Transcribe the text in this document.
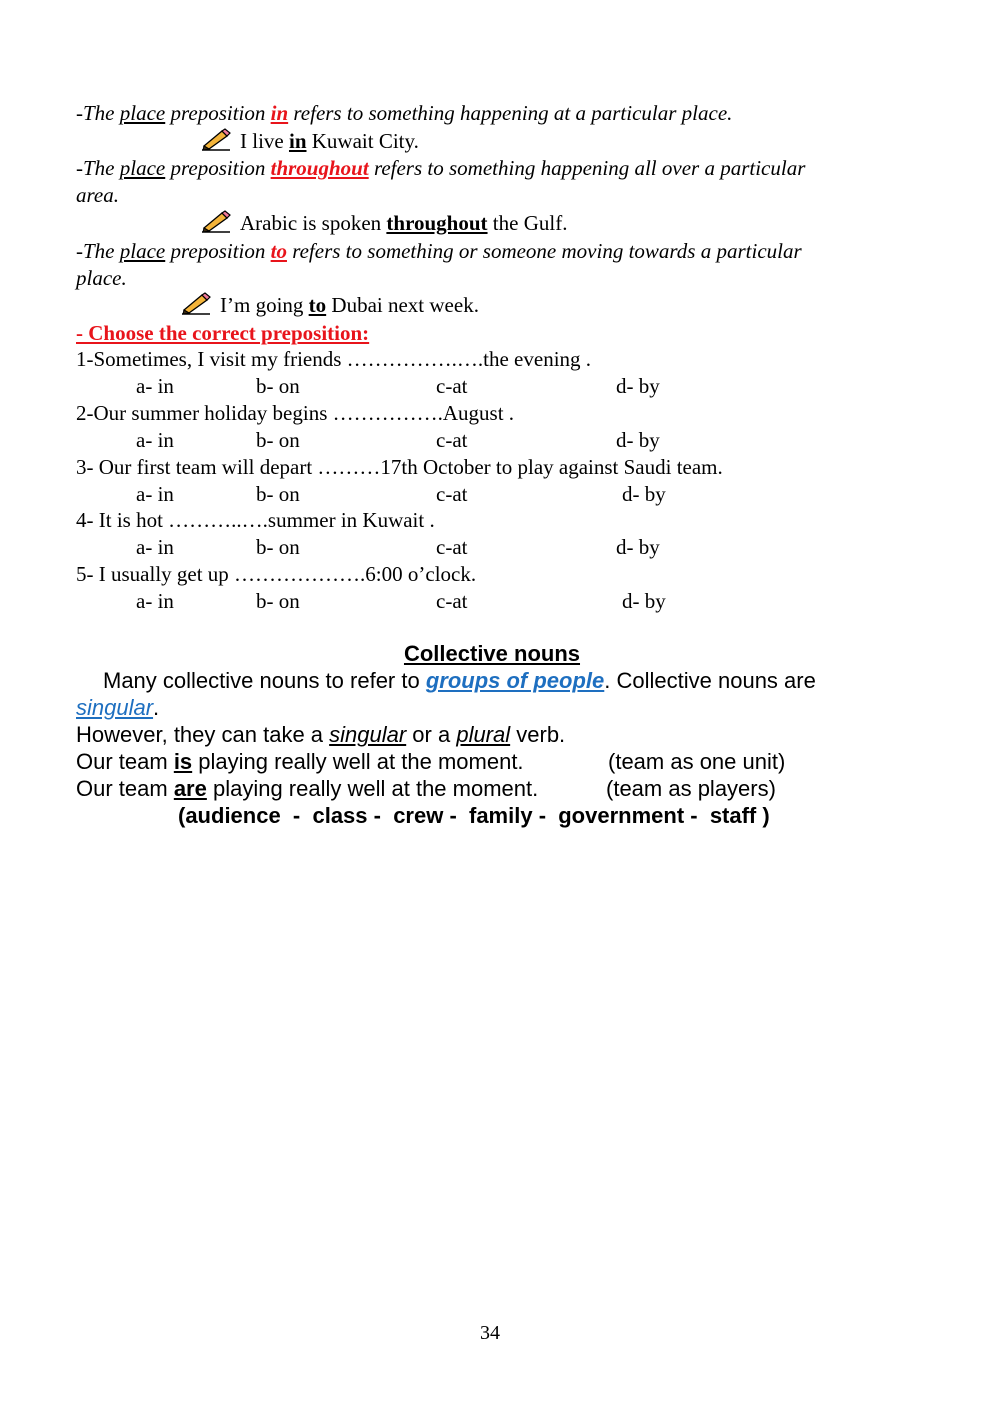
-The place preposition in refers to something happening at a particular place.
I live in Kuwait City.
-The place preposition throughout refers to something happening all over a particular
area.
Arabic is spoken throughout the Gulf.
-The place preposition to refers to something or someone moving towards a particular
place.
I’m going to Dubai next week.
- Choose the correct preposition:
1-Sometimes, I visit my friends …………….….the evening .
a- in	b- on	c-at	d- by
2-Our summer holiday begins …………….August .
a- in	b- on	c-at	d- by
3- Our first team will depart ………17th October to play against Saudi team.
a- in	b- on	c-at	d- by
4- It is hot ………..….summer in Kuwait .
a- in	b- on	c-at	d- by
5- I usually get up ……………….6:00 o’clock.
a- in	b- on	c-at	d- by
Collective nouns
Many collective nouns to refer to groups of people. Collective nouns are
singular.
However, they can take a singular or a plural verb.
Our team is playing really well at the moment.	(team as one unit)
Our team are playing really well at the moment.	(team as players)
(audience  -  class -  crew -  family -  government -  staff )
34
